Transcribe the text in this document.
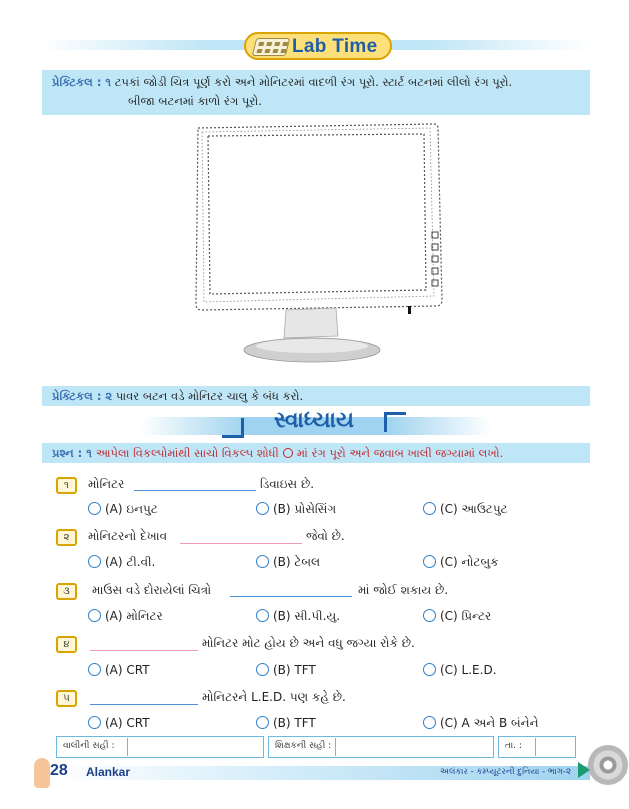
Lab Time
પ્રેક્ટિકલ : ૧ ટપકાં જોડી ચિત્ર પૂર્ણ કરો અને મોનિટરમાં વાદળી રંગ પૂરો. સ્ટાર્ટ બટનમાં લીલો રંગ પૂરો.
બીજા બટનમાં કાળો રંગ પૂરો.
પ્રેક્ટિકલ : ૨ પાવર બટન વડે મોનિટર ચાલુ કે બંધ કરો.
સ્વાધ્યાય
પ્રશ્ન : ૧ આપેલા વિકલ્પોમાંથી સાચો વિકલ્પ શોધી માં રંગ પૂરો અને જવાબ ખાલી જગ્યામાં લખો.
૧	મોનિટર	ડિવાઇસ છે.
(A) ઇનપુટ	(B) પ્રોસેસિંગ	(C) આઉટપુટ
૨	મોનિટરનો દેખાવ	જેવો છે.
(A) ટી.વી.	(B) ટેબલ	(C) નોટબુક
૩	માઉસ વડે દોરાયેલાં ચિત્રો	માં જોઈ શકાય છે.
(A) મોનિટર	(B) સી.પી.યુ.	(C) પ્રિન્ટર
૪	મોનિટર મોટ હોય છે અને વધુ જગ્યા રોકે છે.
(A) CRT	(B) TFT	(C) L.E.D.
૫	મોનિટરને L.E.D. પણ કહે છે.
(A) CRT	(B) TFT	(C) A અને B બંનેને
વાલીની સહી :	શિક્ષકની સહી :	તા. :
28 Alankar	અલંકાર - કમ્પ્યૂટરની દુનિયા - ભાગ-૨
